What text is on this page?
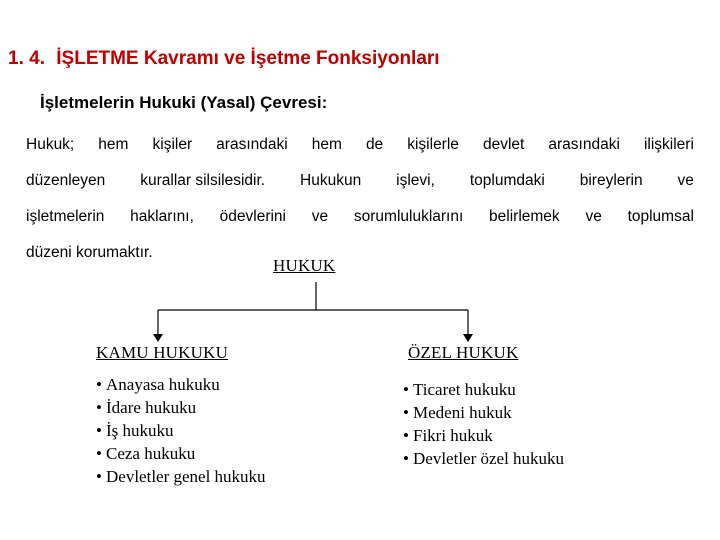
1. 4. İŞLETME Kavramı ve İşetme Fonksiyonları
İşletmelerin Hukuki (Yasal) Çevresi:
Hukuk; hem kişiler arasındaki hem de kişilerle devlet arasındaki ilişkileri
düzenleyen kurallar silsilesidir. Hukukun işlevi, toplumdaki bireylerin ve
işletmelerin haklarını, ödevlerini ve sorumluluklarını belirlemek ve toplumsal
düzeni korumaktır.
HUKUK
KAMU HUKUKU
• Anayasa hukuku
• İdare hukuku
• İş hukuku
• Ceza hukuku
• Devletler genel hukuku
ÖZEL HUKUK
• Ticaret hukuku
• Medeni hukuk
• Fikri hukuk
• Devletler özel hukuku
